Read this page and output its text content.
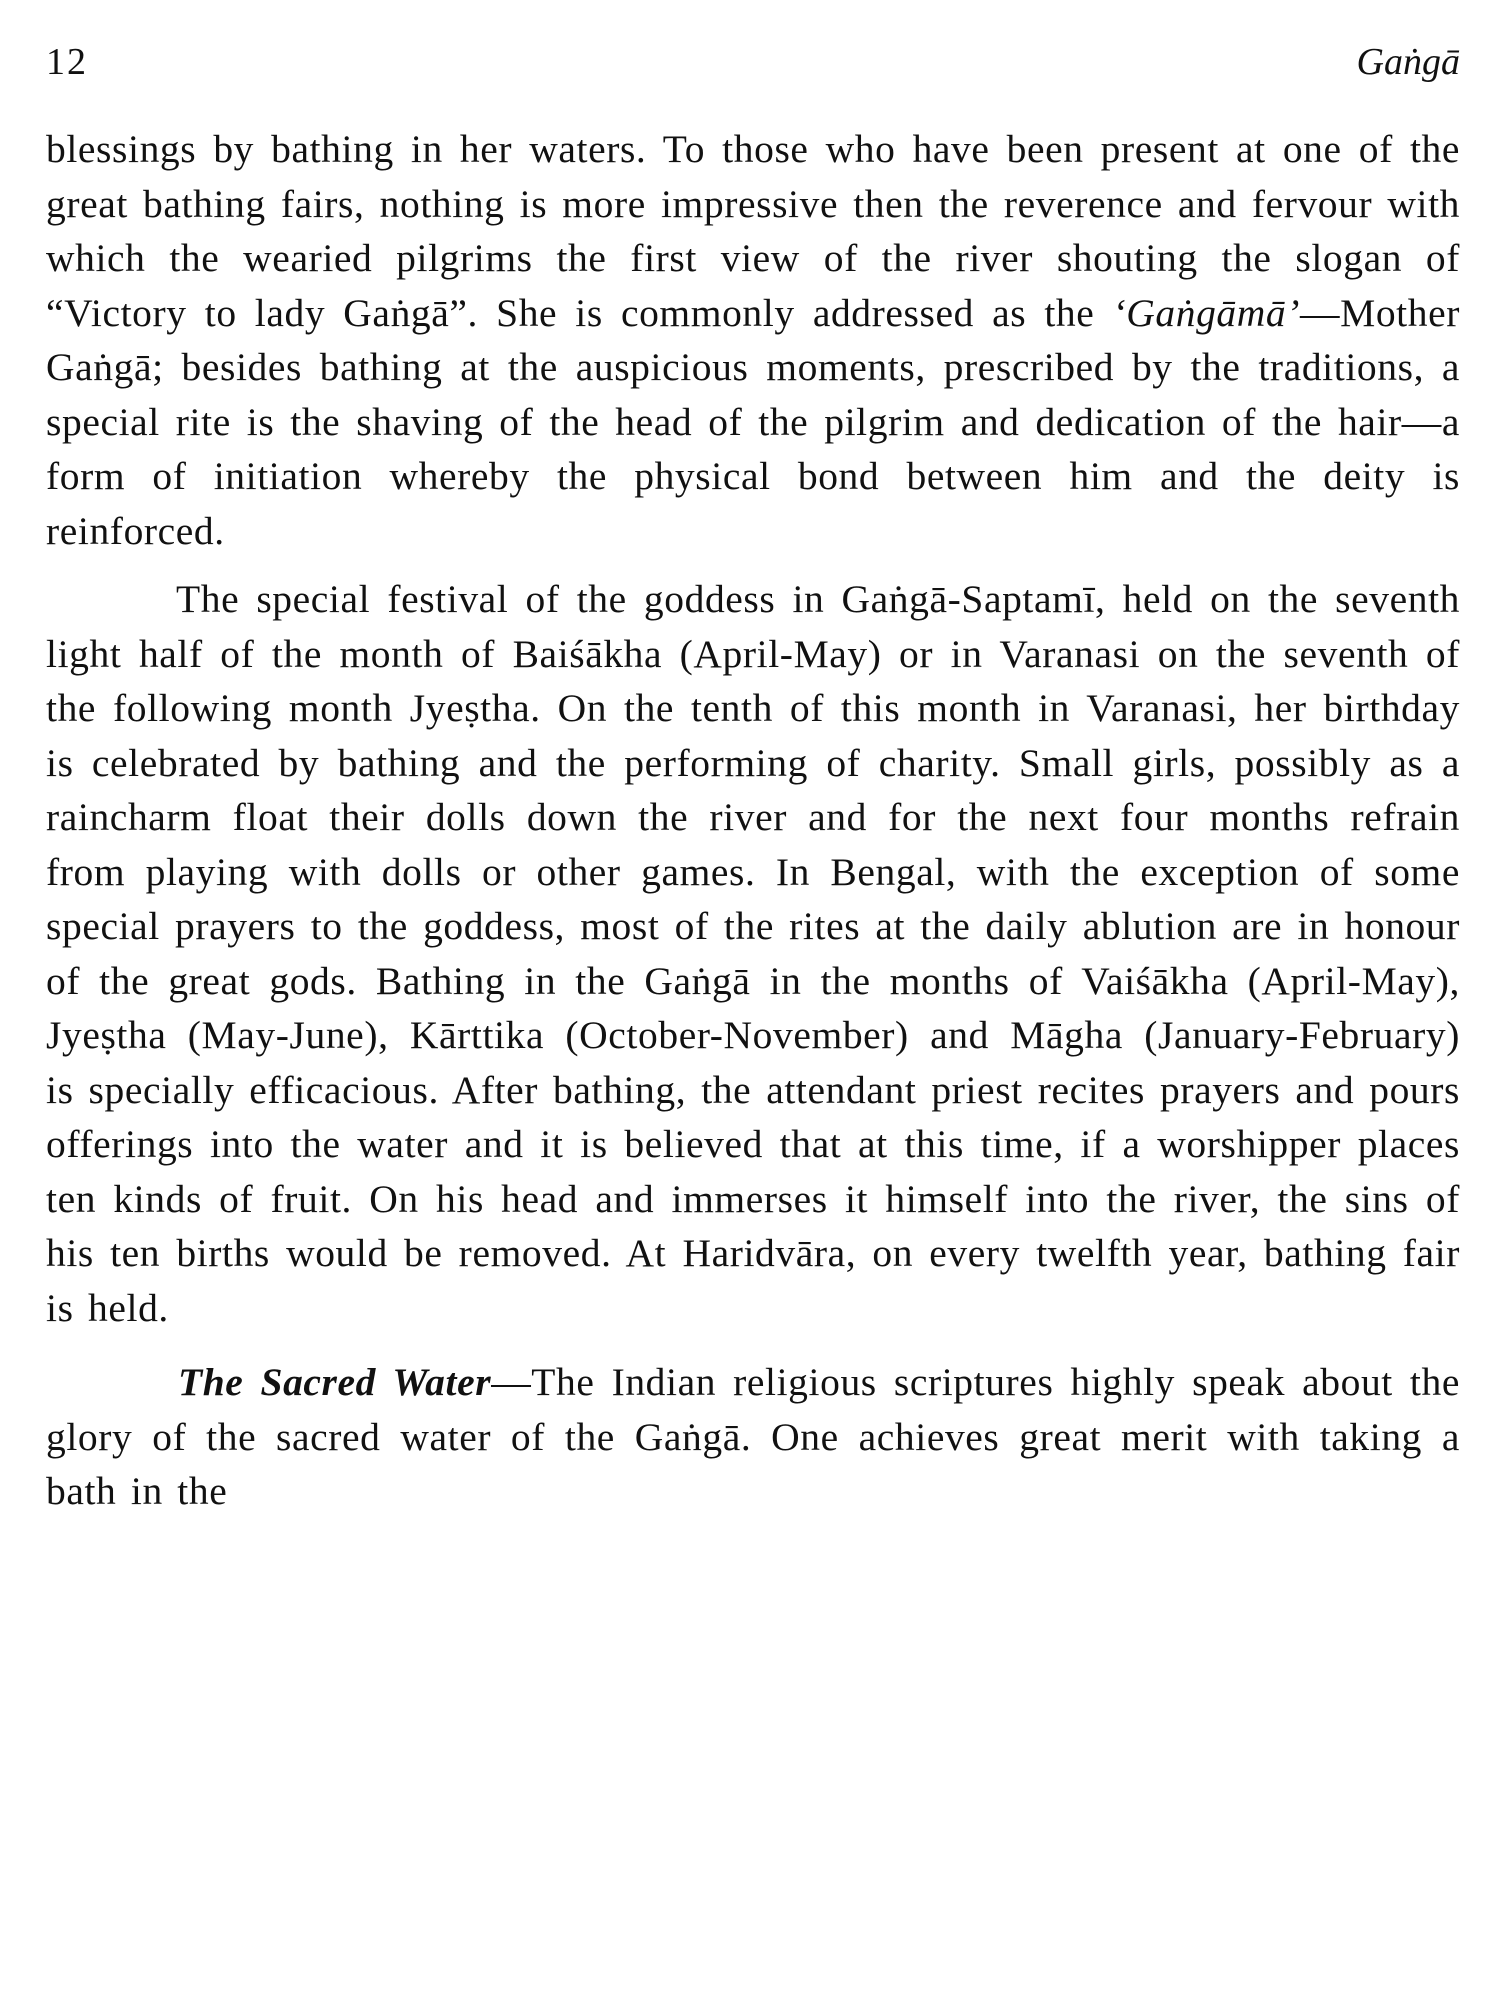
12	Gaṅgā

blessings by bathing in her waters. To those who have been present at one of the great bathing fairs, nothing is more impressive then the reverence and fervour with which the wearied pilgrims the first view of the river shouting the slogan of “Victory to lady Gaṅgā”. She is commonly addressed as the ‘Gaṅgāmā’—Mother Gaṅgā; besides bathing at the auspicious moments, prescribed by the traditions, a special rite is the shaving of the head of the pilgrim and dedication of the hair—a form of initiation whereby the physical bond between him and the deity is reinforced.

The special festival of the goddess in Gaṅgā-Saptamī, held on the seventh light half of the month of Baiśākha (April-May) or in Varanasi on the seventh of the following month Jyeṣtha. On the tenth of this month in Varanasi, her birthday is celebrated by bathing and the performing of charity. Small girls, possibly as a raincharm float their dolls down the river and for the next four months refrain from playing with dolls or other games. In Bengal, with the exception of some special prayers to the goddess, most of the rites at the daily ablution are in honour of the great gods. Bathing in the Gaṅgā in the months of Vaiśākha (April-May), Jyeṣtha (May-June), Kārttika (October-November) and Māgha (January-February) is specially efficacious. After bathing, the attendant priest recites prayers and pours offerings into the water and it is believed that at this time, if a worshipper places ten kinds of fruit. On his head and immerses it himself into the river, the sins of his ten births would be removed. At Haridvāra, on every twelfth year, bathing fair is held.

The Sacred Water—The Indian religious scriptures highly speak about the glory of the sacred water of the Gaṅgā. One achieves great merit with taking a bath in the
